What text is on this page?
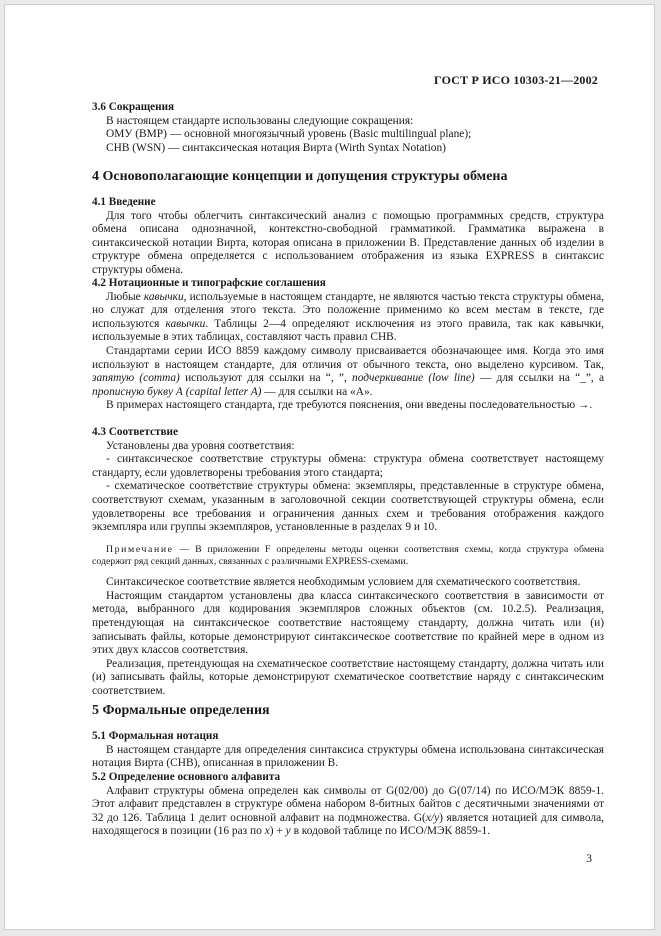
ГОСТ Р ИСО 10303-21—2002
3.6 Сокращения
В настоящем стандарте использованы следующие сокращения:
ОМУ (BMP) — основной многоязычный уровень (Basic multilingual plane);
СНВ (WSN) — синтаксическая нотация Вирта (Wirth Syntax Notation)
4 Основополагающие концепции и допущения структуры обмена
4.1 Введение

Для того чтобы облегчить синтаксический анализ с помощью программных средств, структура обмена описана однозначной, контекстно-свободной грамматикой. Грамматика выражена в синтаксической нотации Вирта, которая описана в приложении В. Представление данных об изделии в структуре обмена определяется с использованием отображения из языка EXPRESS в синтаксис структуры обмена.

4.2 Нотационные и типографские соглашения

Любые кавычки, используемые в настоящем стандарте, не являются частью текста структуры обмена, но служат для отделения этого текста. Это положение применимо ко всем местам в тексте, где используются кавычки. Таблицы 2—4 определяют исключения из этого правила, так как кавычки, используемые в этих таблицах, составляют часть правил СНВ.

Стандартами серии ИСО 8859 каждому символу присваивается обозначающее имя. Когда это имя используют в настоящем стандарте, для отличия от обычного текста, оно выделено курсивом. Так, запятую (comma) используют для ссылки на “, ”, подчеркивание (low line) — для ссылки на “_”, а прописную букву А (capital letter A) — для ссылки на «А».

В примерах настоящего стандарта, где требуются пояснения, они введены последовательностью →.

4.3 Соответствие

Установлены два уровня соответствия:

- синтаксическое соответствие структуры обмена: структура обмена соответствует настоящему стандарту, если удовлетворены требования этого стандарта;

- схематическое соответствие структуры обмена: экземпляры, представленные в структуре обмена, соответствуют схемам, указанным в заголовочной секции соответствующей структуры обмена, если удовлетворены все требования и ограничения данных схем и требования отображения каждого экземпляра или группы экземпляров, установленные в разделах 9 и 10.

Примечание — В приложении F определены методы оценки соответствия схемы, когда структура обмена содержит ряд секций данных, связанных с различными EXPRESS-схемами.

Синтаксическое соответствие является необходимым условием для схематического соответствия.

Настоящим стандартом установлены два класса синтаксического соответствия в зависимости от метода, выбранного для кодирования экземпляров сложных объектов (см. 10.2.5). Реализация, претендующая на синтаксическое соответствие настоящему стандарту, должна читать или (и) записывать файлы, которые демонстрируют синтаксическое соответствие по крайней мере в одном из этих двух классов соответствия.

Реализация, претендующая на схематическое соответствие настоящему стандарту, должна читать или (и) записывать файлы, которые демонстрируют схематическое соответствие наряду с синтаксическим соответствием.

5 Формальные определения
5.1 Формальная нотация

В настоящем стандарте для определения синтаксиса структуры обмена использована синтаксическая нотация Вирта (СНВ), описанная в приложении В.

5.2 Определение основного алфавита

Алфавит структуры обмена определен как символы от G(02/00) до G(07/14) по ИСО/МЭК 8859-1. Этот алфавит представлен в структуре обмена набором 8-битных байтов с десятичными значениями от 32 до 126. Таблица 1 делит основной алфавит на подмножества. G(x/y) является нотацией для символа, находящегося в позиции (16 раз по x) + y в кодовой таблице по ИСО/МЭК 8859-1.

3
